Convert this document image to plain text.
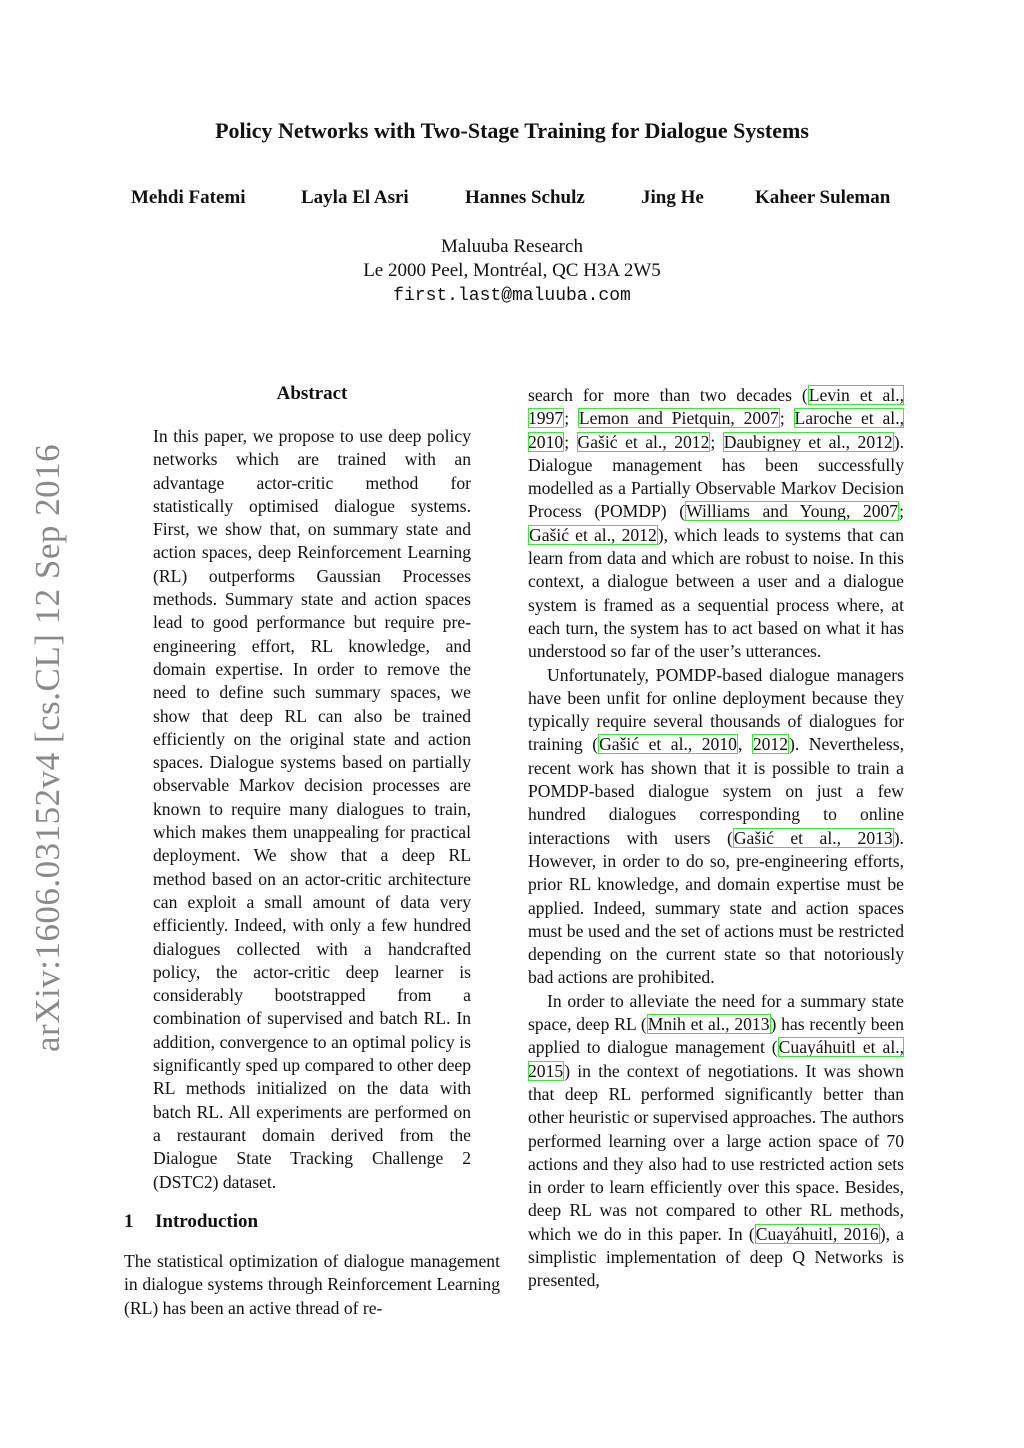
Policy Networks with Two-Stage Training for Dialogue Systems
Mehdi Fatemi	Layla El Asri	Hannes Schulz	Jing He	Kaheer Suleman
Maluuba Research
Le 2000 Peel, Montréal, QC H3A 2W5
first.last@maluuba.com
arXiv:1606.03152v4 [cs.CL] 12 Sep 2016
Abstract

In this paper, we propose to use deep policy networks which are trained with an advantage actor-critic method for statistically optimised dialogue systems. First, we show that, on summary state and action spaces, deep Reinforcement Learning (RL) outperforms Gaussian Processes methods. Summary state and action spaces lead to good performance but require pre-engineering effort, RL knowledge, and domain expertise. In order to remove the need to define such summary spaces, we show that deep RL can also be trained efficiently on the original state and action spaces. Dialogue systems based on partially observable Markov decision processes are known to require many dialogues to train, which makes them unappealing for practical deployment. We show that a deep RL method based on an actor-critic architecture can exploit a small amount of data very efficiently. Indeed, with only a few hundred dialogues collected with a handcrafted policy, the actor-critic deep learner is considerably bootstrapped from a combination of supervised and batch RL. In addition, convergence to an optimal policy is significantly sped up compared to other deep RL methods initialized on the data with batch RL. All experiments are performed on a restaurant domain derived from the Dialogue State Tracking Challenge 2 (DSTC2) dataset.

1 Introduction

The statistical optimization of dialogue management in dialogue systems through Reinforcement Learning (RL) has been an active thread of re-

search for more than two decades (Levin et al., 1997; Lemon and Pietquin, 2007; Laroche et al., 2010; Gašić et al., 2012; Daubigney et al., 2012). Dialogue management has been successfully modelled as a Partially Observable Markov Decision Process (POMDP) (Williams and Young, 2007; Gašić et al., 2012), which leads to systems that can learn from data and which are robust to noise. In this context, a dialogue between a user and a dialogue system is framed as a sequential process where, at each turn, the system has to act based on what it has understood so far of the user’s utterances.

Unfortunately, POMDP-based dialogue managers have been unfit for online deployment because they typically require several thousands of dialogues for training (Gašić et al., 2010, 2012). Nevertheless, recent work has shown that it is possible to train a POMDP-based dialogue system on just a few hundred dialogues corresponding to online interactions with users (Gašić et al., 2013). However, in order to do so, pre-engineering efforts, prior RL knowledge, and domain expertise must be applied. Indeed, summary state and action spaces must be used and the set of actions must be restricted depending on the current state so that notoriously bad actions are prohibited.

In order to alleviate the need for a summary state space, deep RL (Mnih et al., 2013) has recently been applied to dialogue management (Cuayáhuitl et al., 2015) in the context of negotiations. It was shown that deep RL performed significantly better than other heuristic or supervised approaches. The authors performed learning over a large action space of 70 actions and they also had to use restricted action sets in order to learn efficiently over this space. Besides, deep RL was not compared to other RL methods, which we do in this paper. In (Cuayáhuitl, 2016), a simplistic implementation of deep Q Networks is presented,
